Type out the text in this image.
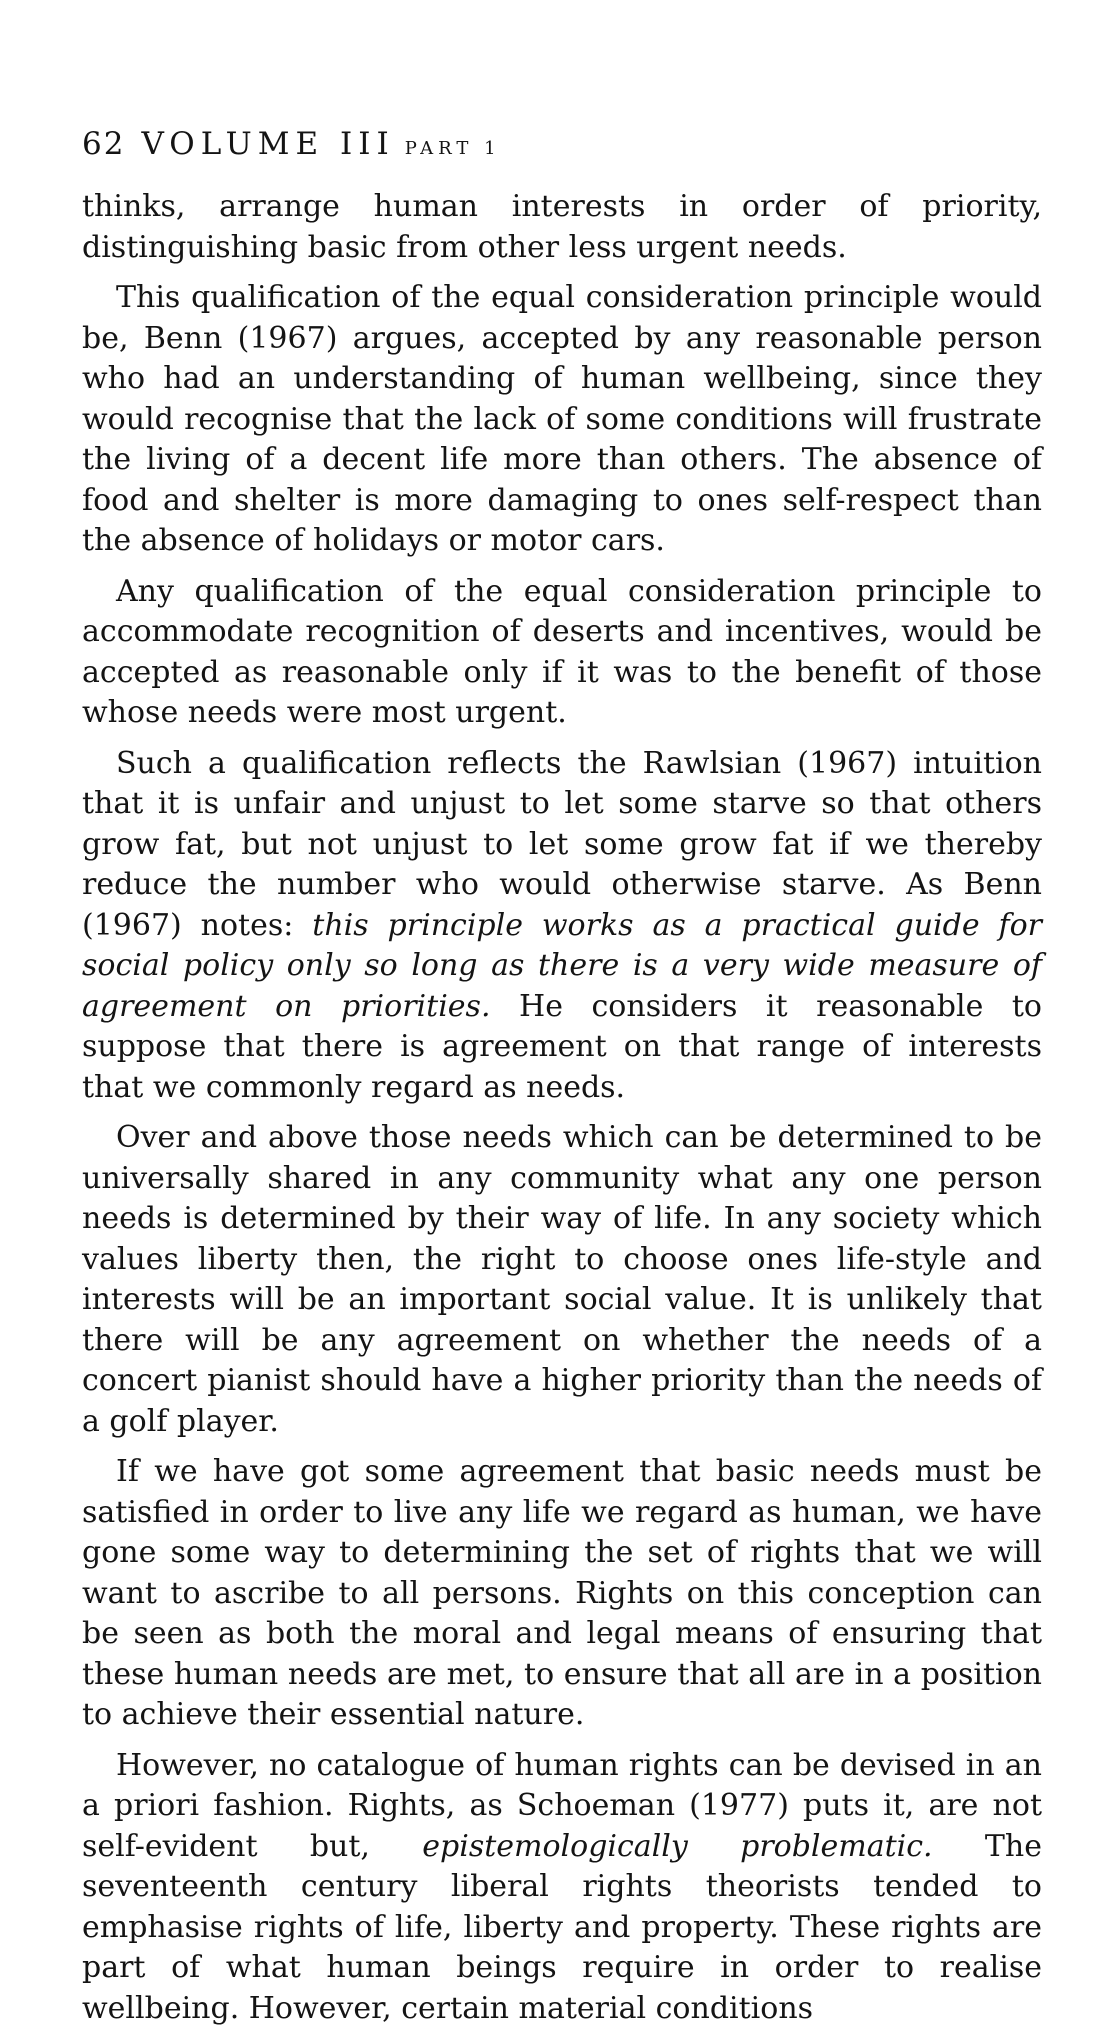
62 VOLUME III PART 1

thinks, arrange human interests in order of priority, distinguishing basic from other less urgent needs.

This qualification of the equal consideration principle would be, Benn (1967) argues, accepted by any reasonable person who had an understanding of human wellbeing, since they would recognise that the lack of some conditions will frustrate the living of a decent life more than others. The absence of food and shelter is more damaging to ones self-respect than the absence of holidays or motor cars.

Any qualification of the equal consideration principle to accommodate recognition of deserts and incentives, would be accepted as reasonable only if it was to the benefit of those whose needs were most urgent.

Such a qualification reflects the Rawlsian (1967) intuition that it is unfair and unjust to let some starve so that others grow fat, but not unjust to let some grow fat if we thereby reduce the number who would otherwise starve. As Benn (1967) notes: this principle works as a practical guide for social policy only so long as there is a very wide measure of agreement on priorities. He considers it reasonable to suppose that there is agreement on that range of interests that we commonly regard as needs.

Over and above those needs which can be determined to be universally shared in any community what any one person needs is determined by their way of life. In any society which values liberty then, the right to choose ones life-style and interests will be an important social value. It is unlikely that there will be any agreement on whether the needs of a concert pianist should have a higher priority than the needs of a golf player.

If we have got some agreement that basic needs must be satisfied in order to live any life we regard as human, we have gone some way to determining the set of rights that we will want to ascribe to all persons. Rights on this conception can be seen as both the moral and legal means of ensuring that these human needs are met, to ensure that all are in a position to achieve their essential nature.

However, no catalogue of human rights can be devised in an a priori fashion. Rights, as Schoeman (1977) puts it, are not self-evident but, epistemologically problematic. The seventeenth century liberal rights theorists tended to emphasise rights of life, liberty and property. These rights are part of what human beings require in order to realise wellbeing. However, certain material conditions
